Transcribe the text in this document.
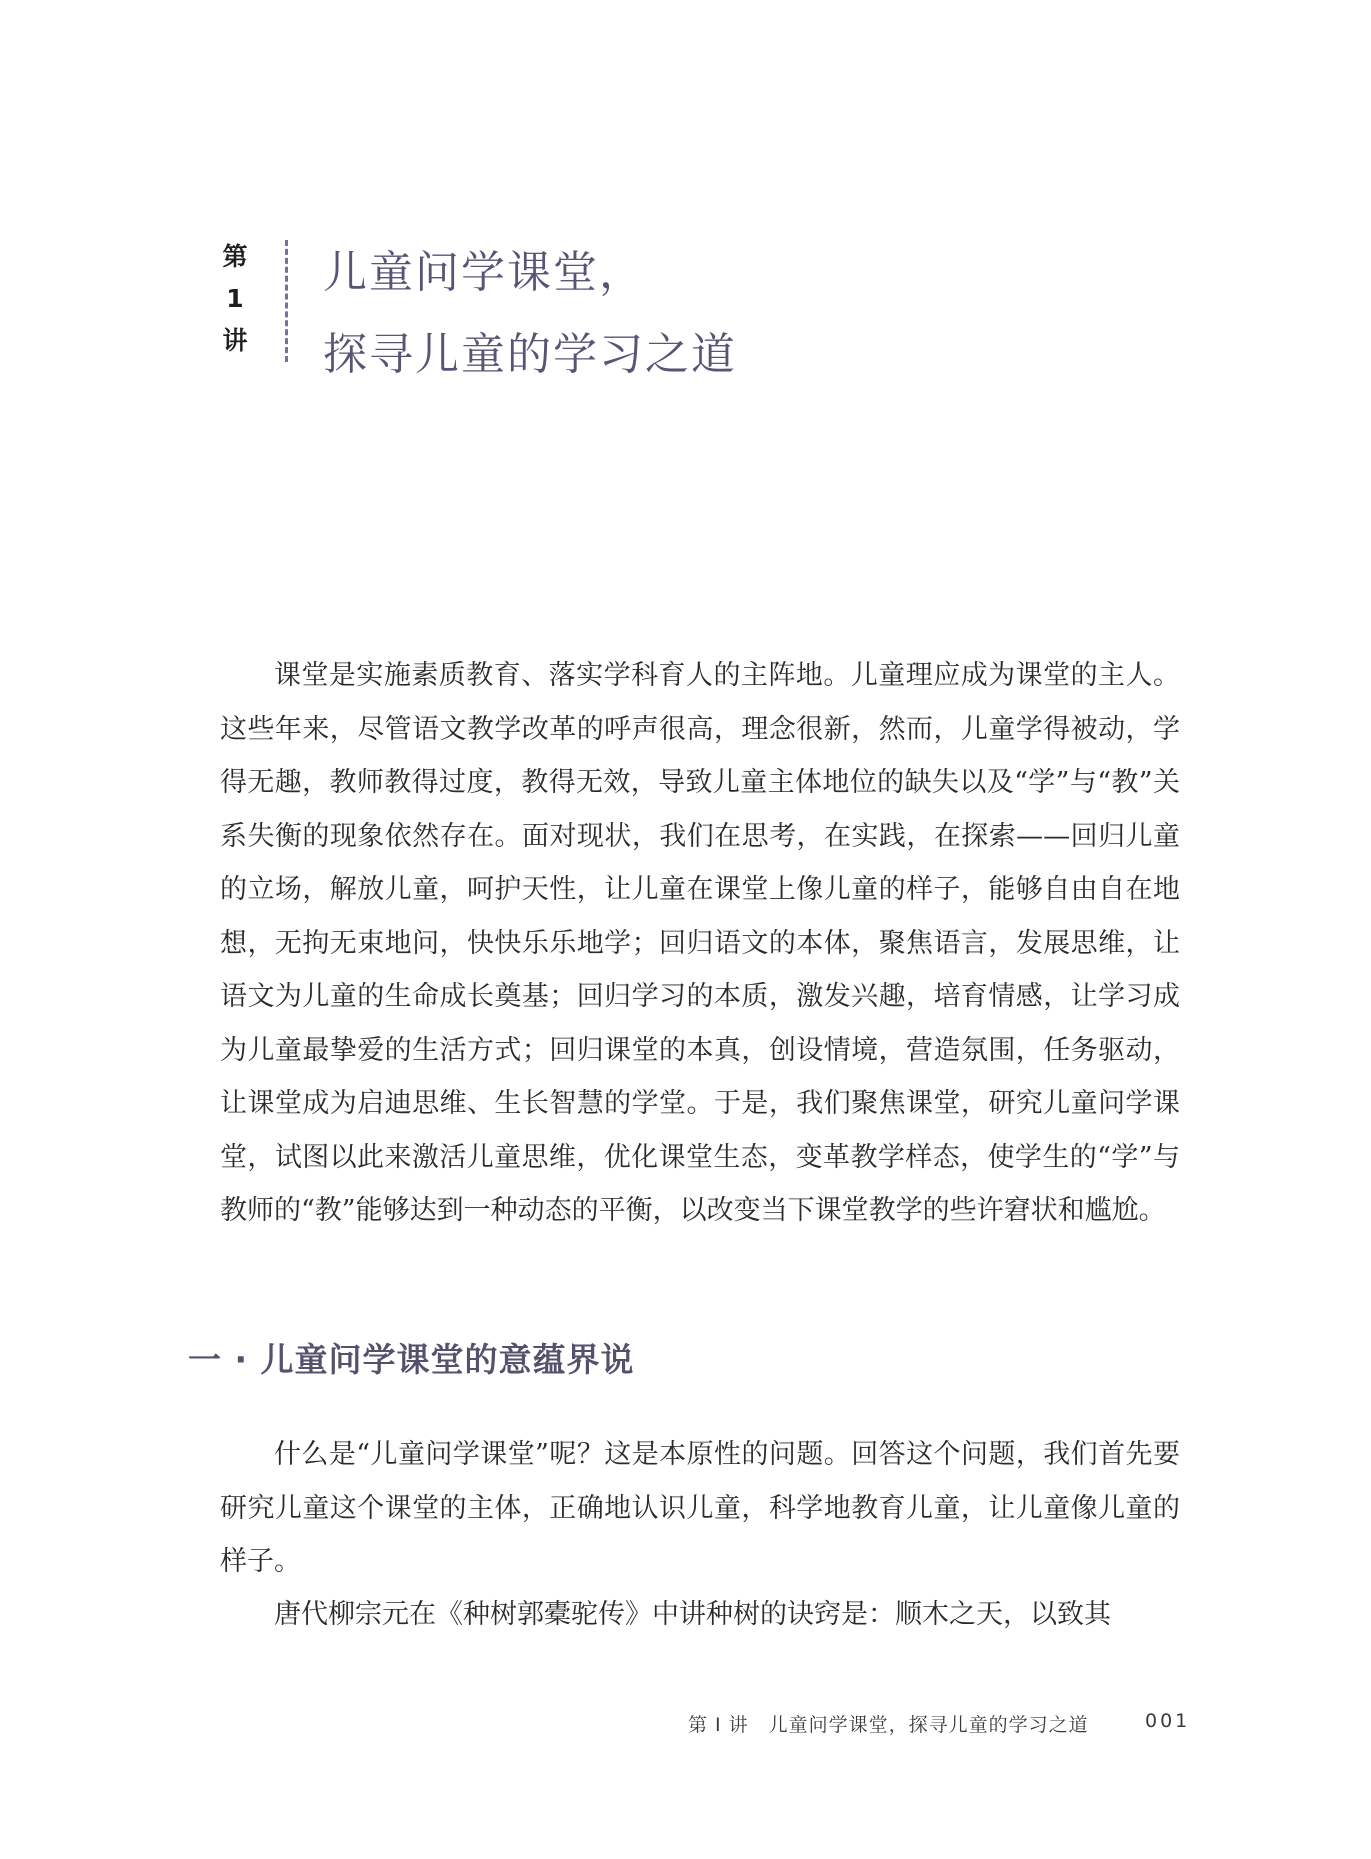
第
1
讲
儿童问学课堂，
探寻儿童的学习之道

课堂是实施素质教育、落实学科育人的主阵地。儿童理应成为课堂的主人。这些年来，尽管语文教学改革的呼声很高，理念很新，然而，儿童学得被动，学得无趣，教师教得过度，教得无效，导致儿童主体地位的缺失以及“学”与“教”关系失衡的现象依然存在。面对现状，我们在思考，在实践，在探索——回归儿童的立场，解放儿童，呵护天性，让儿童在课堂上像儿童的样子，能够自由自在地想，无拘无束地问，快快乐乐地学；回归语文的本体，聚焦语言，发展思维，让语文为儿童的生命成长奠基；回归学习的本质，激发兴趣，培育情感，让学习成为儿童最挚爱的生活方式；回归课堂的本真，创设情境，营造氛围，任务驱动，让课堂成为启迪思维、生长智慧的学堂。于是，我们聚焦课堂，研究儿童问学课堂，试图以此来激活儿童思维，优化课堂生态，变革教学样态，使学生的“学”与教师的“教”能够达到一种动态的平衡，以改变当下课堂教学的些许窘状和尴尬。

一 · 儿童问学课堂的意蕴界说

什么是“儿童问学课堂”呢？这是本原性的问题。回答这个问题，我们首先要研究儿童这个课堂的主体，正确地认识儿童，科学地教育儿童，让儿童像儿童的样子。

唐代柳宗元在《种树郭橐驼传》中讲种树的诀窍是：顺木之天，以致其

第 Ⅰ 讲　儿童问学课堂，探寻儿童的学习之道	001
